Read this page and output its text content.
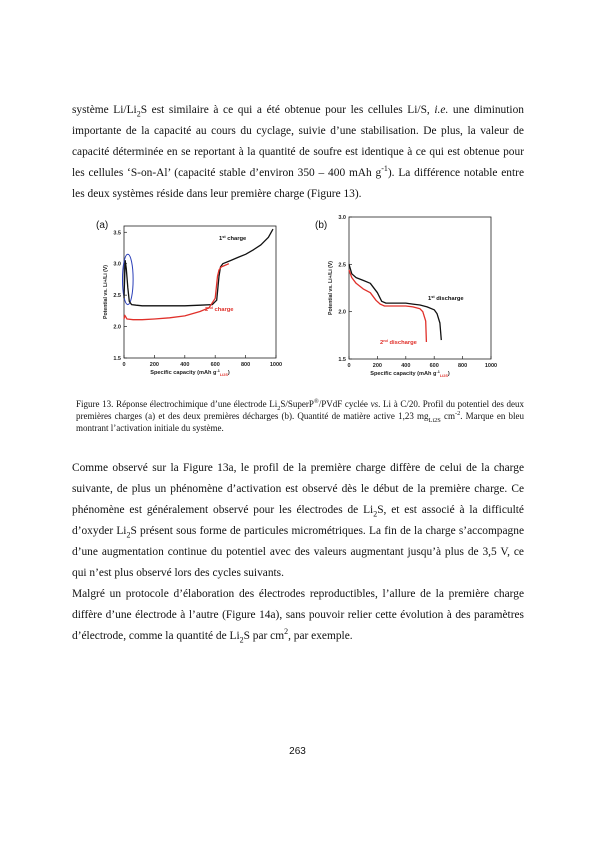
système $Li/Li_2S$ est similaire à ce qui a été obtenue pour les cellules Li/S, i.e. une diminution importante de la capacité au cours du cyclage, suivie d’une stabilisation. De plus, la valeur de capacité déterminée en se reportant à la quantité de soufre est identique à ce qui est obtenue pour les cellules ‘S-on-Al’ (capacité stable d’environ 350 – 400 mAh $g^{-1}$). La différence notable entre les deux systèmes réside dans leur première charge (Figure 13).

(a)
0	200	400	600	800	1000
1.5
2.0
2.5
3.0
3.5
Specific capacity (mAh $g^{-1}_{Li2S}$)
Potential vs. Li+/Li (V)
1st charge
2nd charge
(b)
0	200	400	600	800	1000
1.5
2.0
2.5
3.0
Specific capacity (mAh $g^{-1}_{Li2S}$)
Potential vs. Li+/Li (V)	1st discharge
2nd discharge

Figure 13. Réponse électrochimique d’une électrode $Li_2S/SuperP®$/PVdF cyclée vs. Li à C/20. Profil du potentiel des deux premières charges (a) et des deux premières décharges (b). Quantité de matière active 1,23 $mg_{Li2S}$ $cm^{-2}$. Marque en bleu montrant l’activation initiale du système.

Comme observé sur la Figure 13a, le profil de la première charge diffère de celui de la charge suivante, de plus un phénomène d’activation est observé dès le début de la première charge. Ce phénomène est généralement observé pour les électrodes de $Li_2S$, et est associé à la difficulté d’oxyder $Li_2S$ présent sous forme de particules micrométriques. La fin de la charge s’accompagne d’une augmentation continue du potentiel avec des valeurs augmentant jusqu’à plus de 3,5 V, ce qui n’est plus observé lors des cycles suivants.

Malgré un protocole d’élaboration des électrodes reproductibles, l’allure de la première charge diffère d’une électrode à l’autre (Figure 14a), sans pouvoir relier cette évolution à des paramètres d’électrode, comme la quantité de $Li_2S$ par $cm^2$, par exemple.

263
